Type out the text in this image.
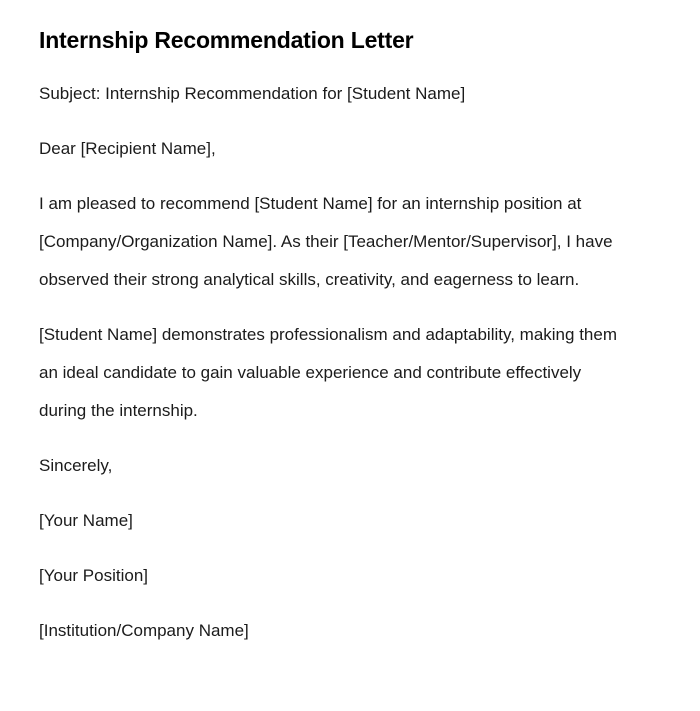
Internship Recommendation Letter

Subject: Internship Recommendation for [Student Name]

Dear [Recipient Name],

I am pleased to recommend [Student Name] for an internship position at [Company/Organization Name]. As their [Teacher/Mentor/Supervisor], I have observed their strong analytical skills, creativity, and eagerness to learn.

[Student Name] demonstrates professionalism and adaptability, making them an ideal candidate to gain valuable experience and contribute effectively during the internship.

Sincerely,

[Your Name]

[Your Position]

[Institution/Company Name]
